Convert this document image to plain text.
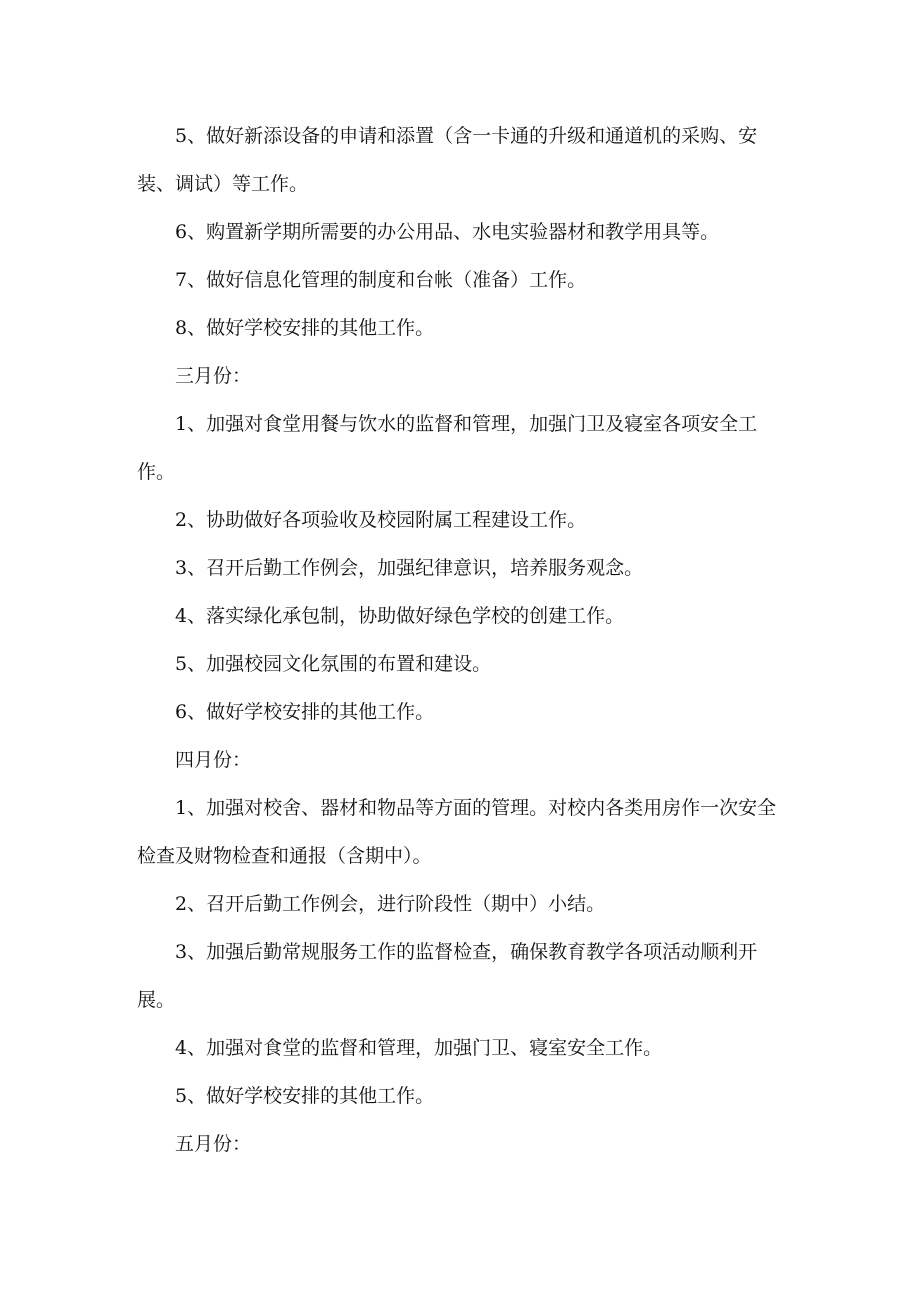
5、做好新添设备的申请和添置（含一卡通的升级和通道机的采购、安装、调试）等工作。

6、购置新学期所需要的办公用品、水电实验器材和教学用具等。

7、做好信息化管理的制度和台帐（准备）工作。

8、做好学校安排的其他工作。

三月份：

1、加强对食堂用餐与饮水的监督和管理，加强门卫及寝室各项安全工作。

2、协助做好各项验收及校园附属工程建设工作。

3、召开后勤工作例会，加强纪律意识，培养服务观念。

4、落实绿化承包制，协助做好绿色学校的创建工作。

5、加强校园文化氛围的布置和建设。

6、做好学校安排的其他工作。

四月份：

1、加强对校舍、器材和物品等方面的管理。对校内各类用房作一次安全检查及财物检查和通报（含期中）。

2、召开后勤工作例会，进行阶段性（期中）小结。

3、加强后勤常规服务工作的监督检查，确保教育教学各项活动顺利开展。

4、加强对食堂的监督和管理，加强门卫、寝室安全工作。

5、做好学校安排的其他工作。

五月份：
